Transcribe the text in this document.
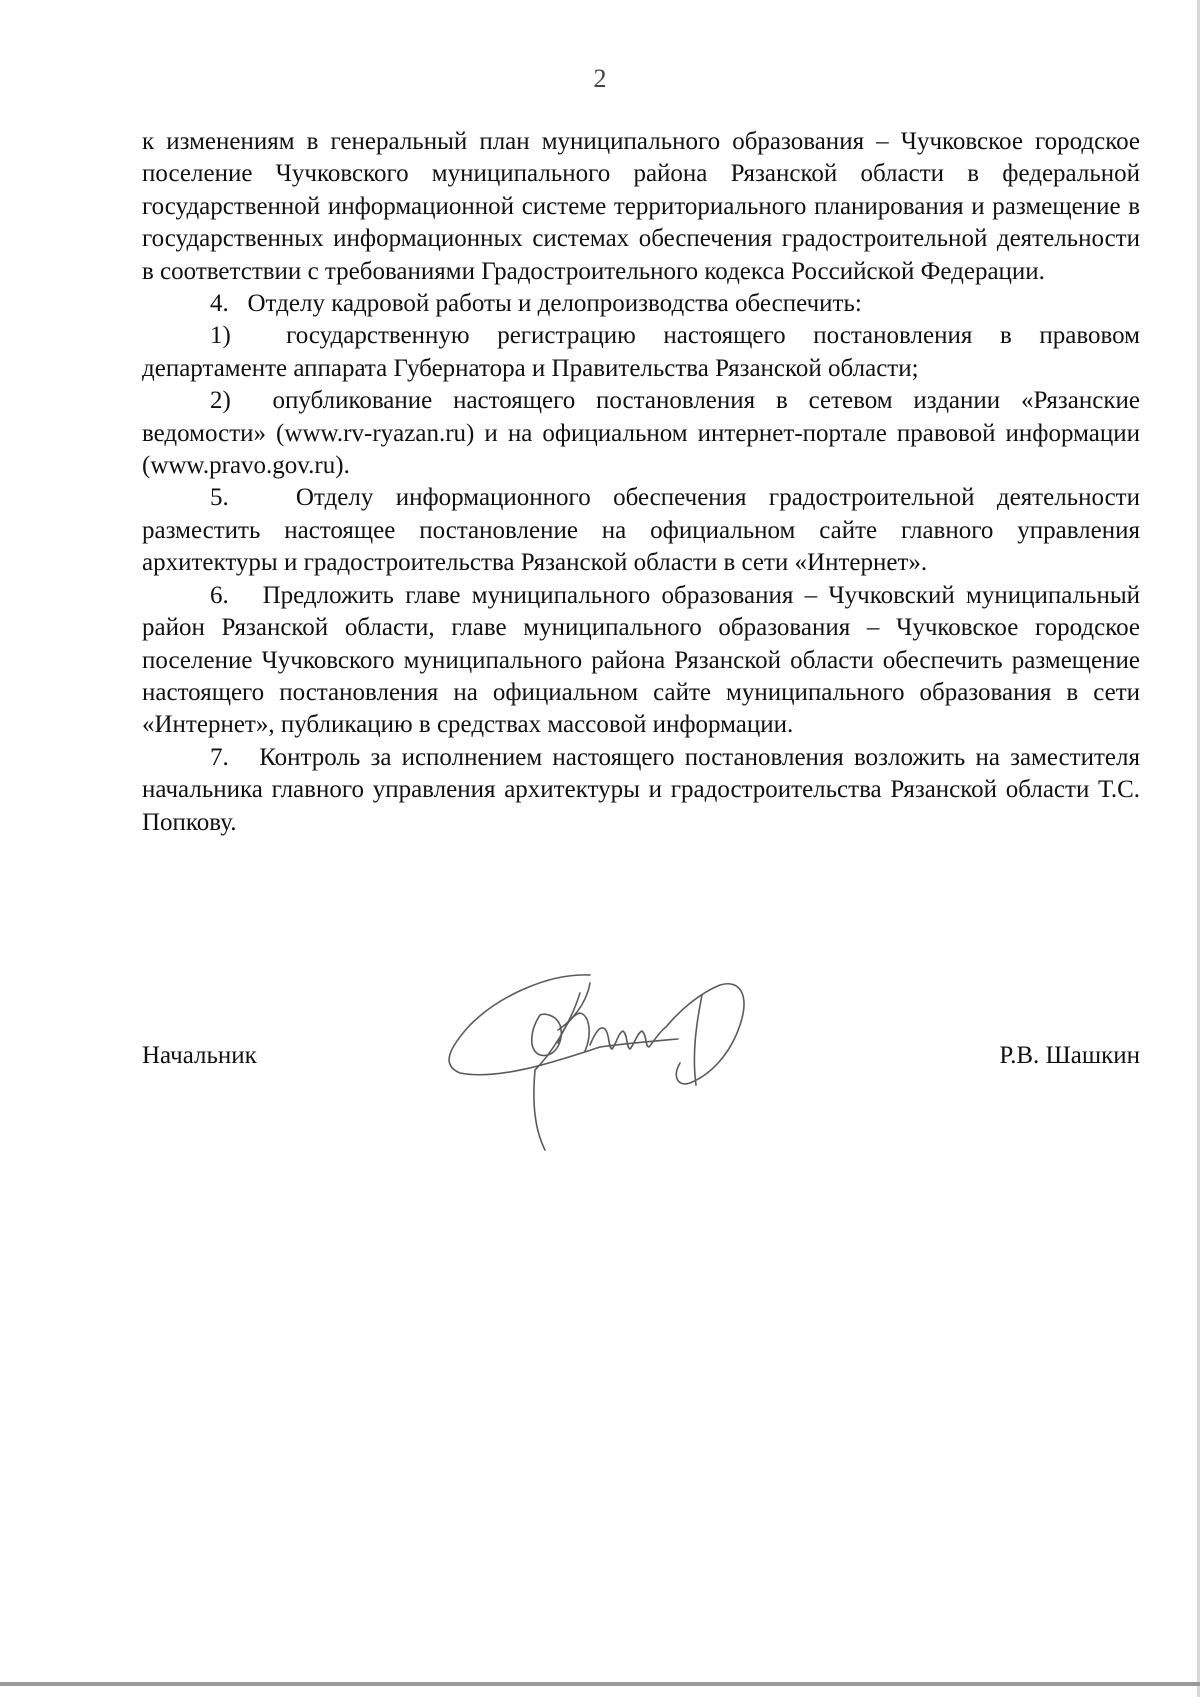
2

к изменениям в генеральный план муниципального образования – Чучковское городское поселение Чучковского муниципального района Рязанской области в федеральной государственной информационной системе территориального планирования и размещение в государственных информационных системах обеспечения градостроительной деятельности в соответствии с требованиями Градостроительного кодекса Российской Федерации.

4.   Отделу кадровой работы и делопроизводства обеспечить:

1)  государственную регистрацию настоящего постановления в правовом департаменте аппарата Губернатора и Правительства Рязанской области;

2)  опубликование настоящего постановления в сетевом издании «Рязанские ведомости» (www.rv-ryazan.ru) и на официальном интернет-портале правовой информации (www.pravo.gov.ru).

5.   Отделу информационного обеспечения градостроительной деятельности разместить настоящее постановление на официальном сайте главного управления архитектуры и градостроительства Рязанской области в сети «Интернет».

6.   Предложить главе муниципального образования – Чучковский муниципальный район Рязанской области, главе муниципального образования – Чучковское городское поселение Чучковского муниципального района Рязанской области обеспечить размещение настоящего постановления на официальном сайте муниципального образования в сети «Интернет», публикацию в средствах массовой информации.

7.   Контроль за исполнением настоящего постановления возложить на заместителя начальника главного управления архитектуры и градостроительства Рязанской области Т.С. Попкову.

Начальник	Р.В. Шашкин
